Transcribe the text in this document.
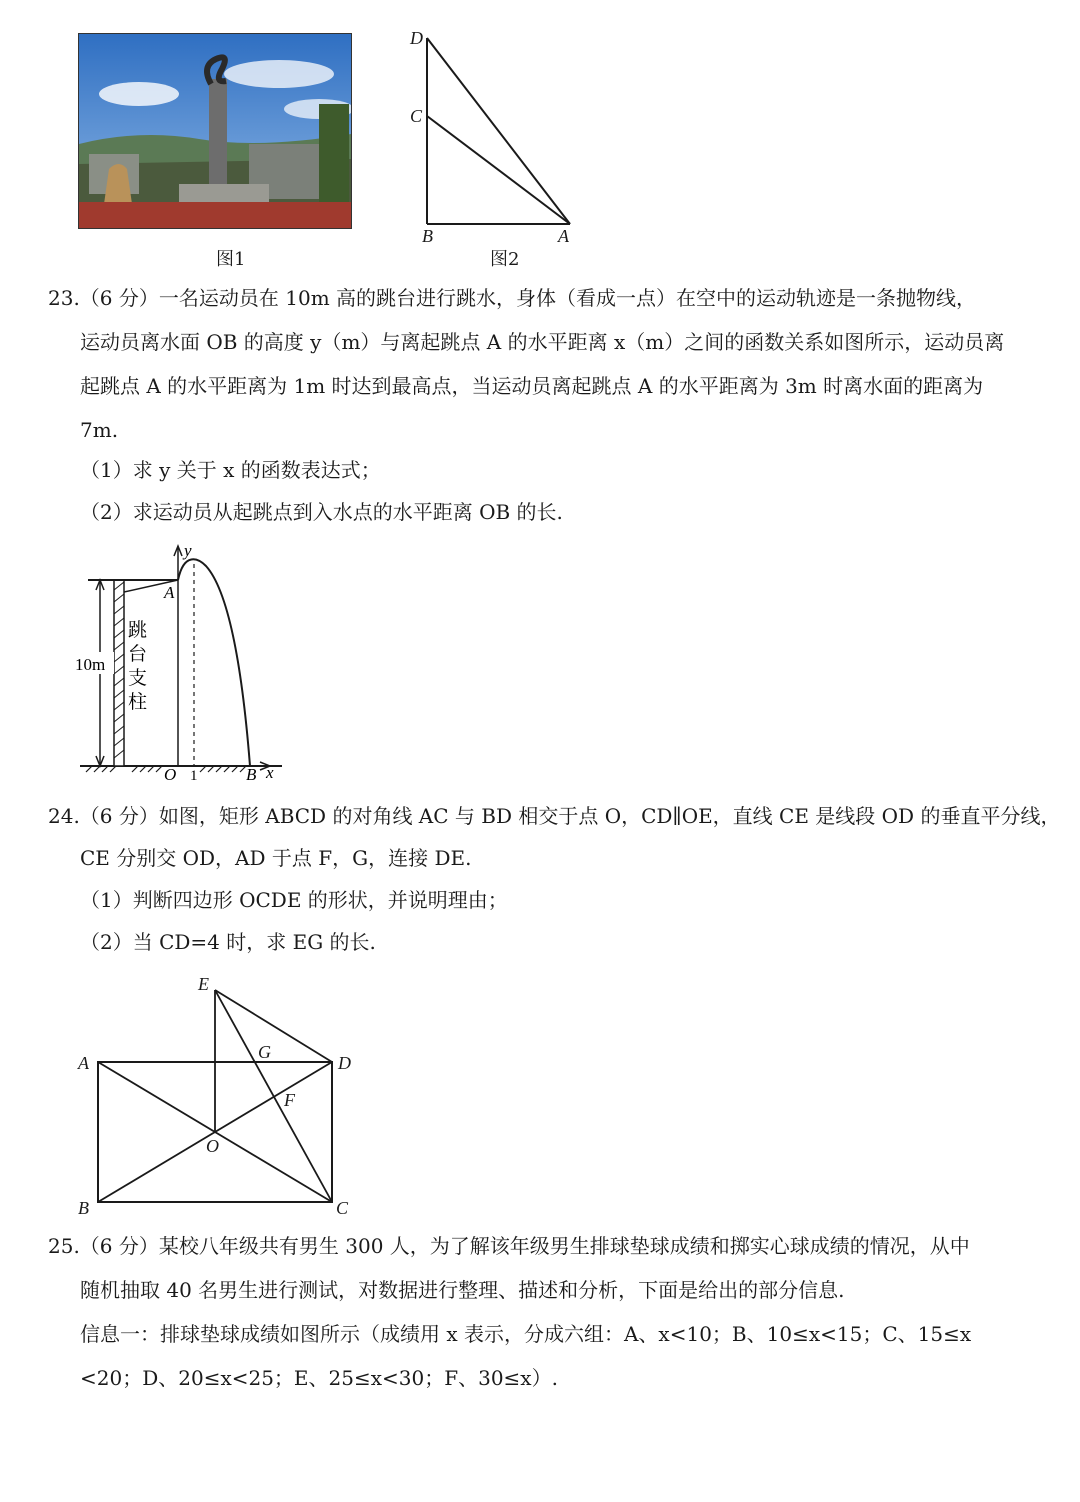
图1
D
C
B	A
图2
23.（6 分）一名运动员在 10m 高的跳台进行跳水，身体（看成一点）在空中的运动轨迹是一条抛物线，
运动员离水面 OB 的高度 y（m）与离起跳点 A 的水平距离 x（m）之间的函数关系如图所示，运动员离
起跳点 A 的水平距离为 1m 时达到最高点，当运动员离起跳点 A 的水平距离为 3m 时离水面的距离为
7m.
（1）求 y 关于 x 的函数表达式；
（2）求运动员从起跳点到入水点的水平距离 OB 的长.
10m
跳
台
支
柱
y
x
A
O 1	B
24.（6 分）如图，矩形 ABCD 的对角线 AC 与 BD 相交于点 O，CD∥OE，直线 CE 是线段 OD 的垂直平分线，
CE 分别交 OD，AD 于点 F，G，连接 DE.
（1）判断四边形 OCDE 的形状，并说明理由；
（2）当 CD=4 时，求 EG 的长.
E
A
G
D
F
O
B	C
25.（6 分）某校八年级共有男生 300 人，为了解该年级男生排球垫球成绩和掷实心球成绩的情况，从中
随机抽取 40 名男生进行测试，对数据进行整理、描述和分析，下面是给出的部分信息.
信息一：排球垫球成绩如图所示（成绩用 x 表示，分成六组：A、x<10；B、10≤x<15；C、15≤x
<20；D、20≤x<25；E、25≤x<30；F、30≤x）.
